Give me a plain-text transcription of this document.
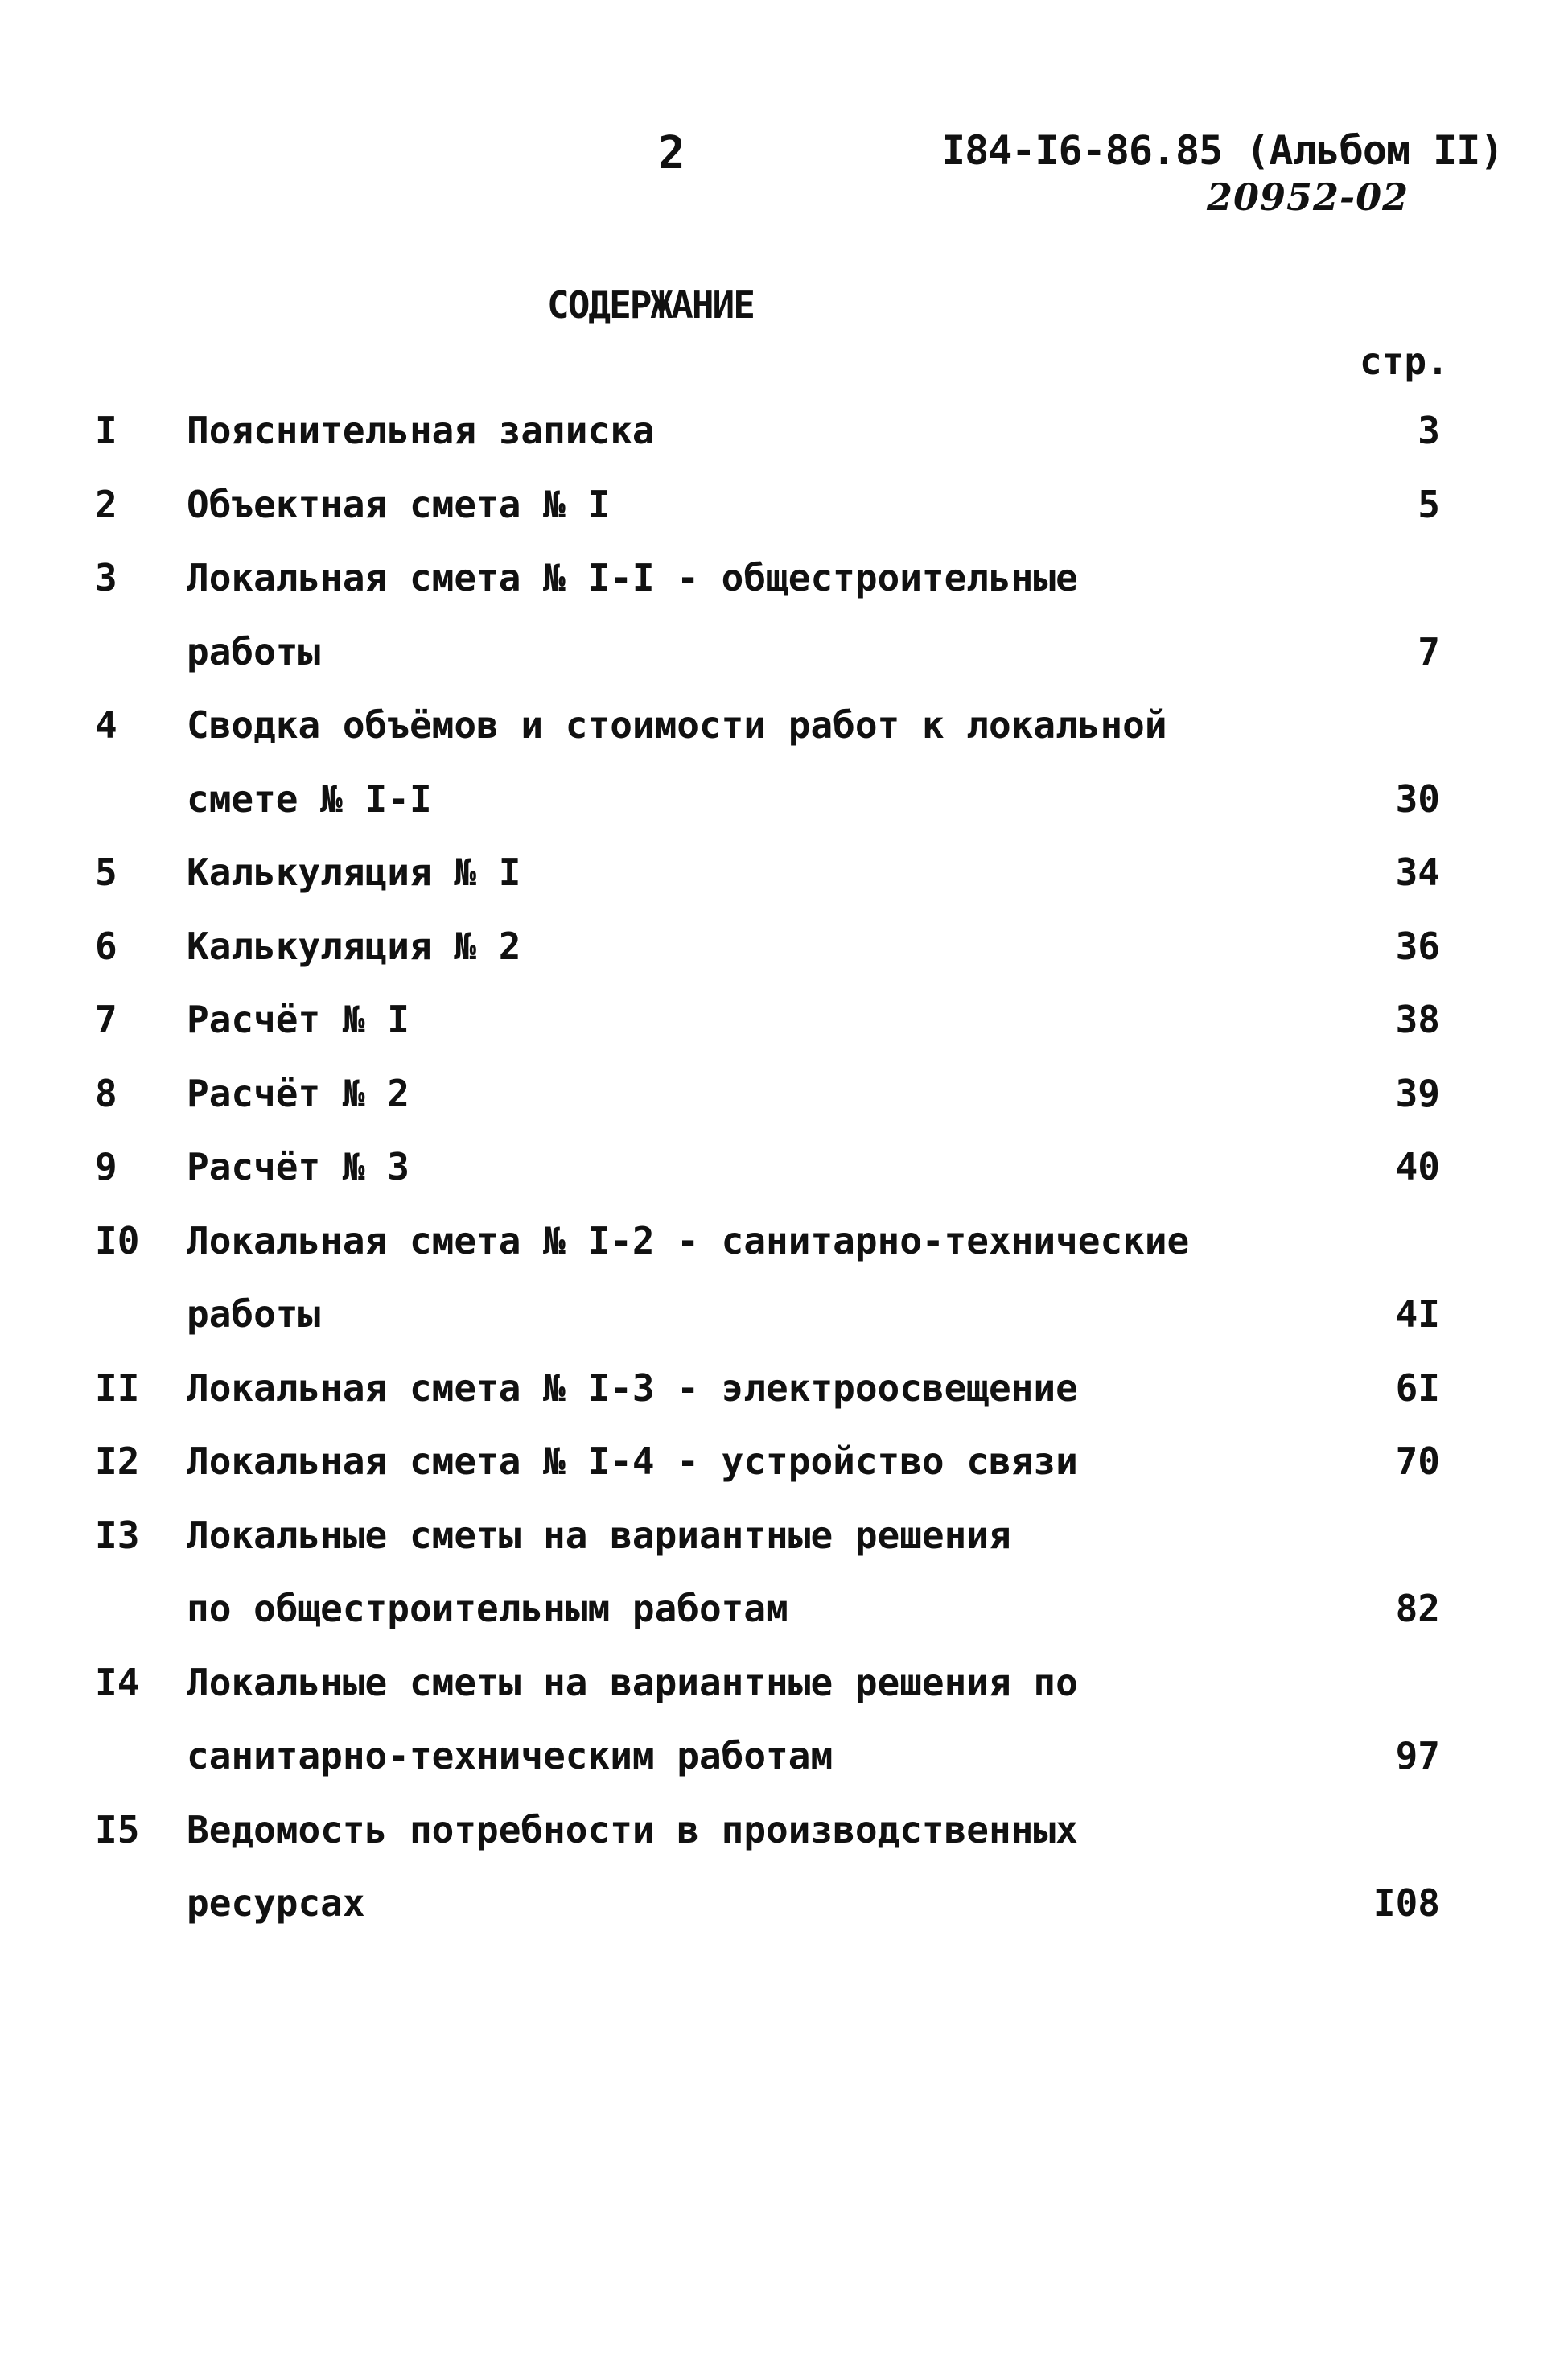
2	I84-I6-86.85 (Альбом II)
20952-02
СОДЕРЖАНИЕ
стр.
I	Пояснительная записка	3
2	Объектная смета № I	5
3	Локальная смета № I-I - общестроительные
работы	7
4	Сводка объёмов и стоимости работ к локальной
смете № I-I	30
5	Калькуляция № I	34
6	Калькуляция № 2	36
7	Расчёт № I	38
8	Расчёт № 2	39
9	Расчёт № 3	40
I0	Локальная смета № I-2 - санитарно-технические
работы	4I
II	Локальная смета № I-3 - электроосвещение	6I
I2	Локальная смета № I-4 - устройство связи	70
I3	Локальные сметы на вариантные решения
по общестроительным работам	82
I4	Локальные сметы на вариантные решения по
санитарно-техническим работам	97
I5	Ведомость потребности в производственных
ресурсах	I08
